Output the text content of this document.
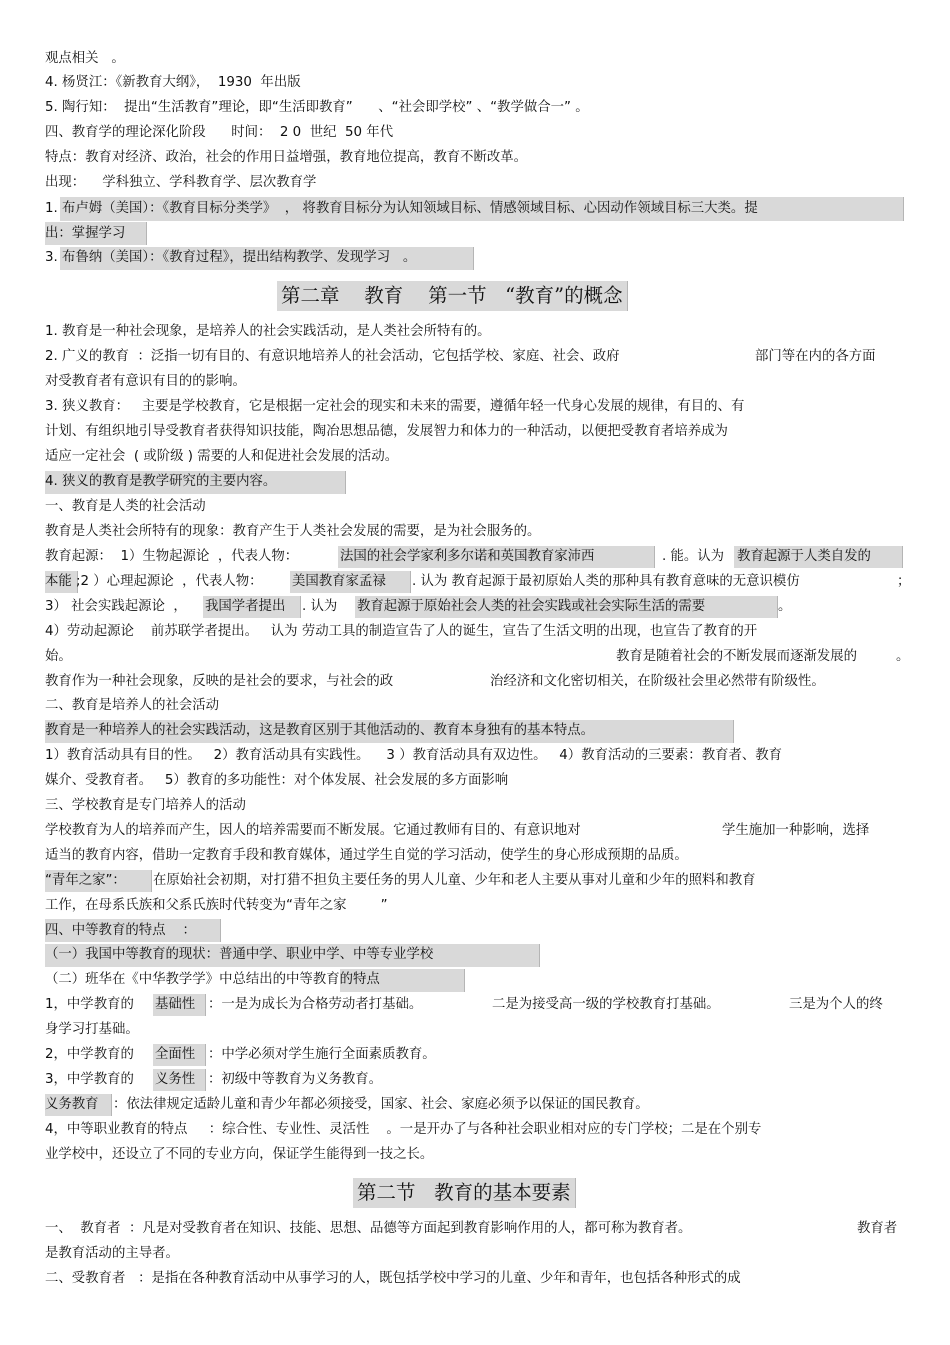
观点相关   。
4. 杨贤江：《新教育大纲》，  1930  年出版
5. 陶行知：  提出“生活教育”理论，即“生活即教育”      、“社会即学校” 、“教学做合一” 。
四、教育学的理论深化阶段      时间：  2 0  世纪  50 年代
特点：教育对经济、政治，社会的作用日益增强，教育地位提高，教育不断改革。
出现：    学科独立、学科教育学、层次教育学
1. 布卢姆（美国）：《教育目标分类学》  ， 将教育目标分为认知领域目标、情感领域目标、心因动作领域目标三大类。提
出：掌握学习
3. 布鲁纳（美国）：《教育过程》，提出结构教学、发现学习   。
第二章    教育    第一节   “教育”的概念
1. 教育是一种社会现象，是培养人的社会实践活动，是人类社会所特有的。
2. 广义的教育  ：泛指一切有目的、有意识地培养人的社会活动，它包括学校、家庭、社会、政府	部门等在内的各方面
对受教育者有意识有目的的影响。
3. 狭义教育：   主要是学校教育，它是根据一定社会的现实和未来的需要，遵循年轻一代身心发展的规律，有目的、有
计划、有组织地引导受教育者获得知识技能，陶冶思想品德，发展智力和体力的一种活动，以便把受教育者培养成为
适应一定社会  ( 或阶级 ) 需要的人和促进社会发展的活动。
4. 狭义的教育是教学研究的主要内容。
一、教育是人类的社会活动
教育是人类社会所特有的现象：教育产生于人类社会发展的需要，是为社会服务的。
教育起源：  1）生物起源论  ，代表人物： 法国的社会学家利多尔诺和英国教育家沛西	. 能。认为 教育起源于人类自发的
本能 ;2 ）心理起源论  ，代表人物： 美国教育家孟禄 . 认为 教育起源于最初原始人类的那种具有教育意味的无意识模仿	；
3） 社会实践起源论  ， 我国学者提出 . 认为 教育起源于原始社会人类的社会实践或社会实际生活的需要	。
4）劳动起源论    前苏联学者提出。   认为 劳动工具的制造宣告了人的诞生，宣告了生活文明的出现，也宣告了教育的开
始。	教育是随着社会的不断发展而逐渐发展的	。
教育作为一种社会现象，反映的是社会的要求，与社会的政	治经济和文化密切相关，在阶级社会里必然带有阶级性。
二、教育是培养人的社会活动
教育是一种培养人的社会实践活动，这是教育区别于其他活动的、教育本身独有的基本特点。
1）教育活动具有目的性。   2）教育活动具有实践性。    3 ）教育活动具有双边性。   4）教育活动的三要素：教育者、教育
媒介、受教育者。   5）教育的多功能性：对个体发展、社会发展的多方面影响
三、学校教育是专门培养人的活动
学校教育为人的培养而产生，因人的培养需要而不断发展。它通过教师有目的、有意识地对	学生施加一种影响，选择
适当的教育内容，借助一定教育手段和教育媒体，通过学生自觉的学习活动，使学生的身心形成预期的品质。
“青年之家”： 在原始社会初期，对打猎不担负主要任务的男人儿童、少年和老人主要从事对儿童和少年的照料和教育
工作，在母系氏族和父系氏族时代转变为“青年之家        ”
四、中等教育的特点    ：
（一）我国中等教育的现状：普通中学、职业中学、中等专业学校
（二）班华在《中华教学学》中总结出的中等教育的特点
1，中学教育的 基础性 ：一是为成长为合格劳动者打基础。	二是为接受高一级的学校教育打基础。	三是为个人的终
身学习打基础。
2，中学教育的 全面性 ：中学必须对学生施行全面素质教育。
3，中学教育的 义务性 ：初级中等教育为义务教育。
义务教育 ：依法律规定适龄儿童和青少年都必须接受，国家、社会、家庭必须予以保证的国民教育。
4，中等职业教育的特点     ：综合性、专业性、灵活性    。一是开办了与各种社会职业相对应的专门学校；二是在个别专
业学校中，还设立了不同的专业方向，保证学生能得到一技之长。
第二节   教育的基本要素
一、  教育者  ：凡是对受教育者在知识、技能、思想、品德等方面起到教育影响作用的人，都可称为教育者。	教育者
是教育活动的主导者。
二、受教育者   ：是指在各种教育活动中从事学习的人，既包括学校中学习的儿童、少年和青年，也包括各种形式的成
